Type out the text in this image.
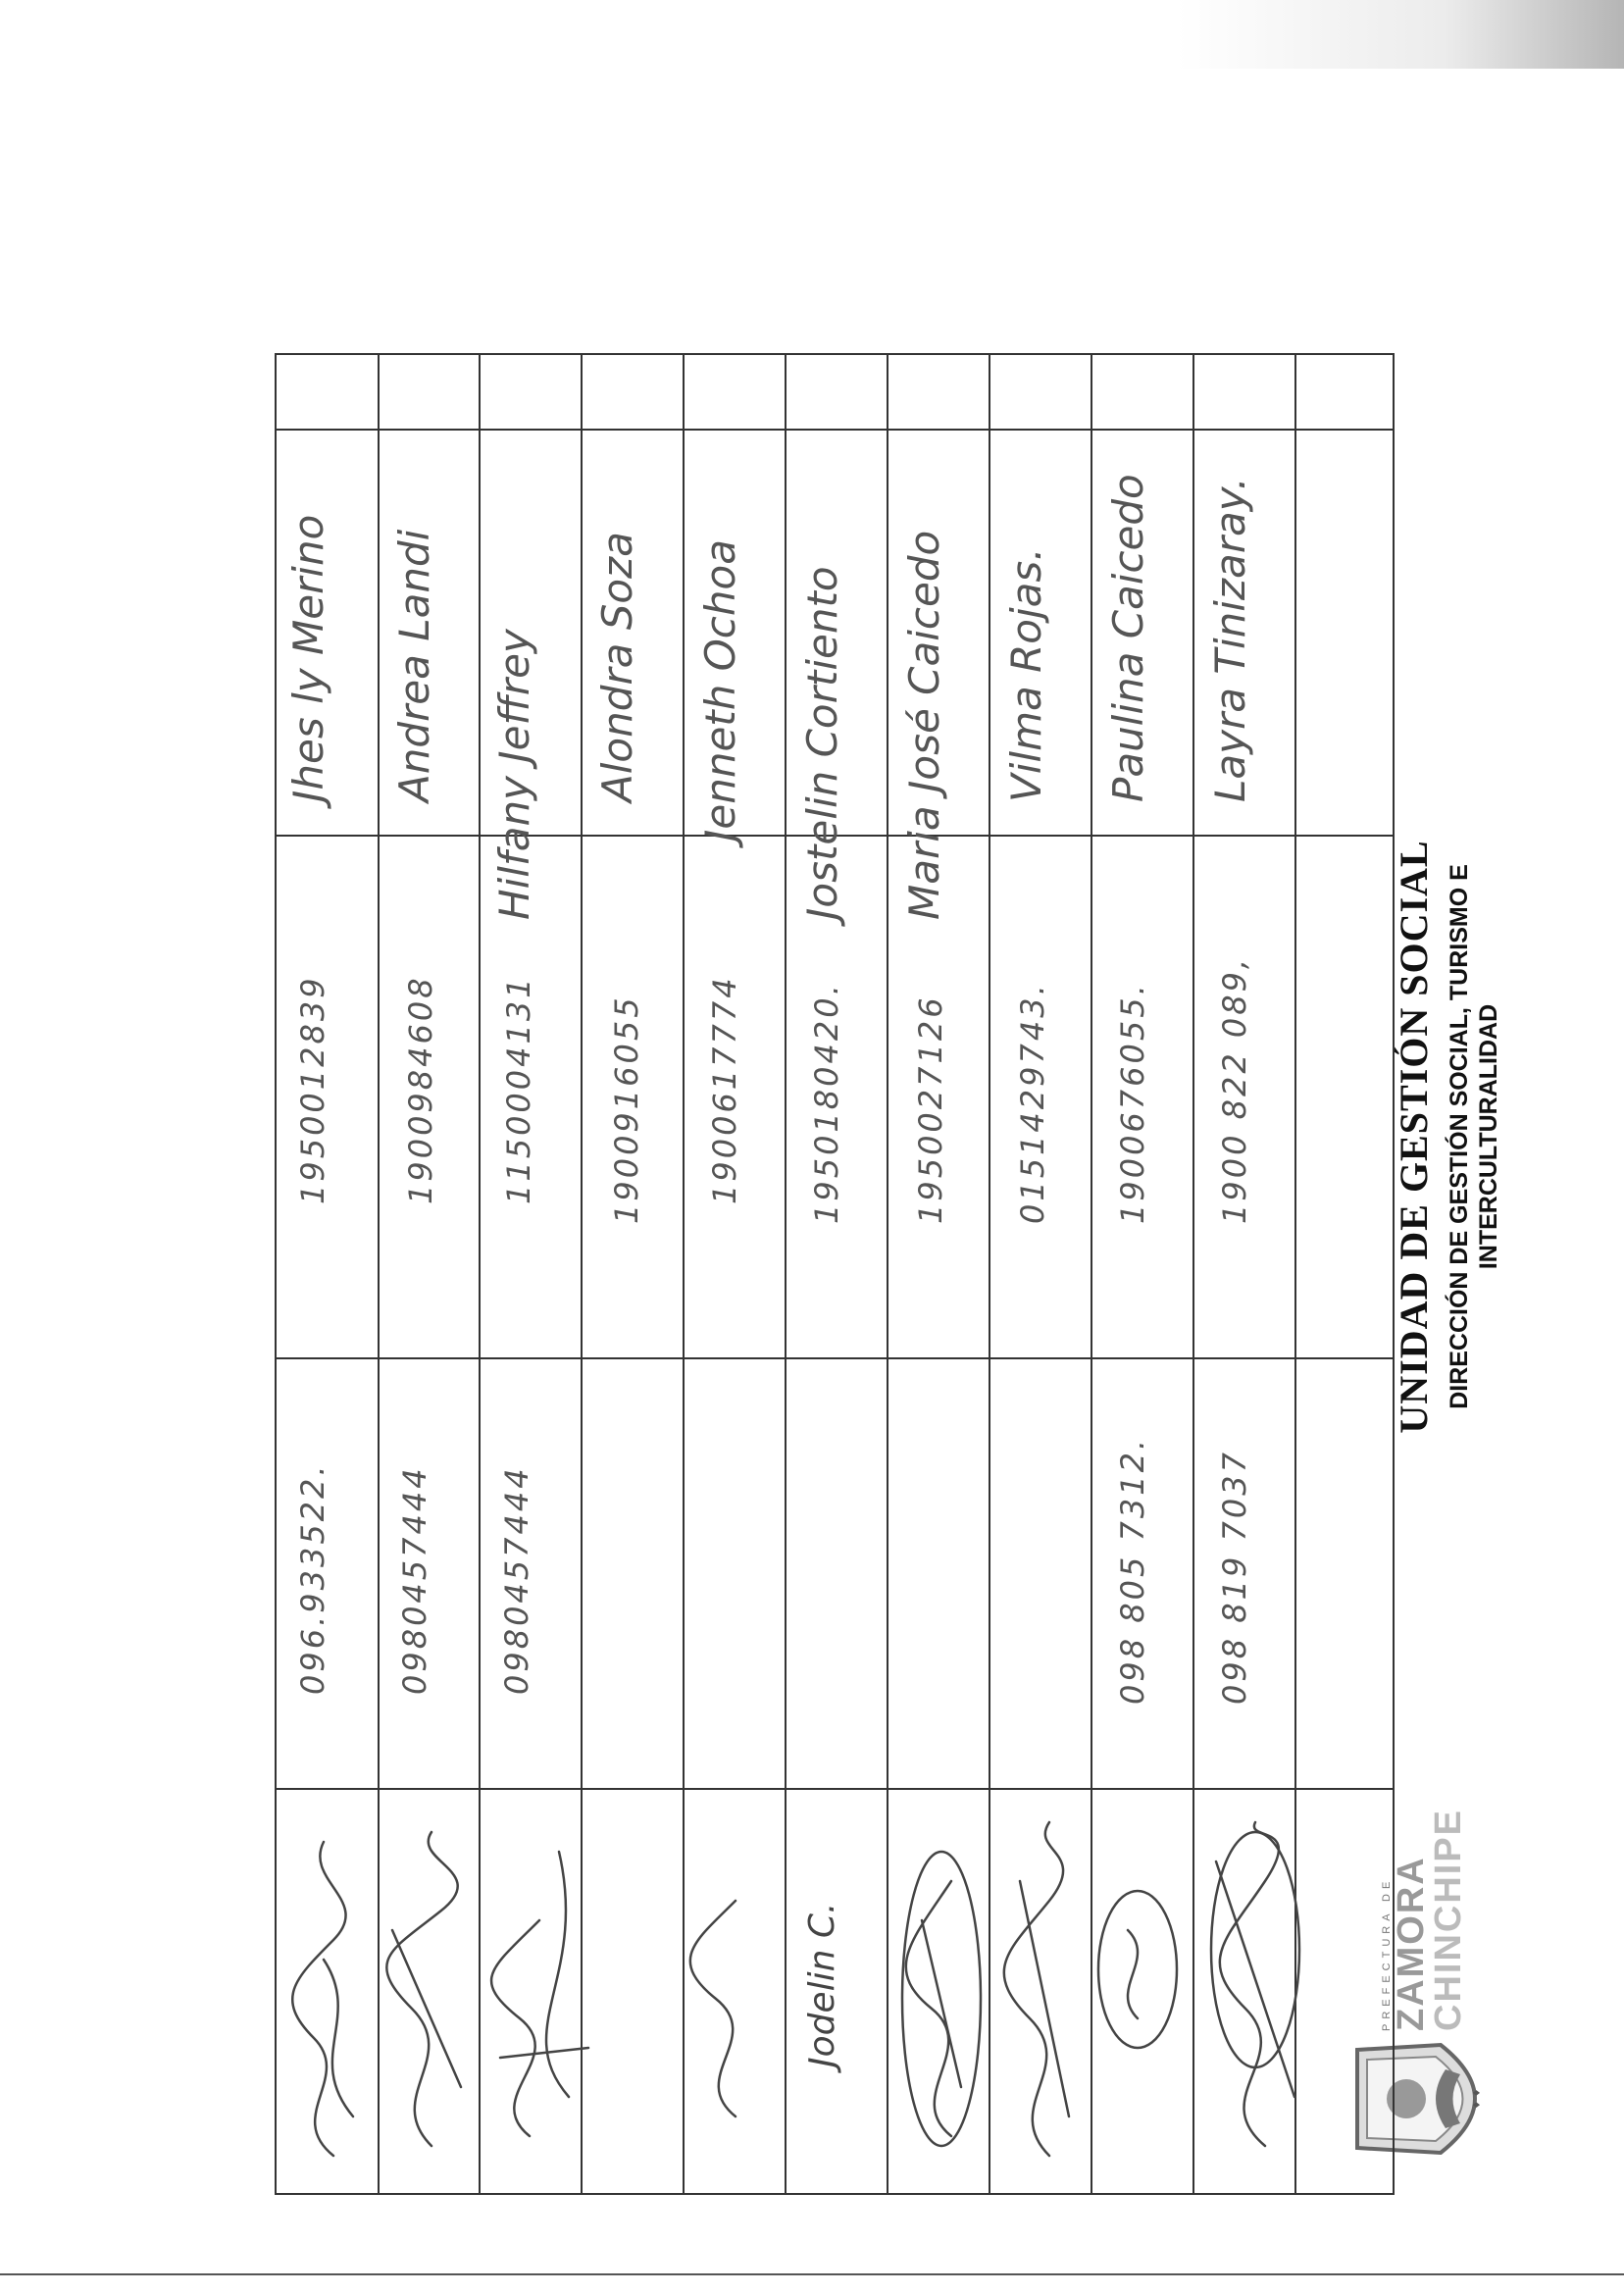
♦ ♦
PREFECTURA DE
ZAMORA
CHINCHIPE
DIRECCIÓN DE GESTIÓN SOCIAL, TURISMO E INTERCULTURALIDAD
UNIDAD DE GESTIÓN SOCIAL
Jhes ly Merino
1950012839
096.933522.
Andrea Landi
1900984608
0980457444
Hilfany Jeffrey
1150004131
0980457444
Alondra Soza
1900916055
Jenneth Ochoa
1900617774
Jostelin Cortiento
1950180420.
Maria José Caicedo
1950027126
Vilma Rojas.
0151429743.
Paulina Caicedo
1900676055.
098 805 7312.
Layra Tinizaray.
1900 822 089,
098 819 7037
Jodelin C.
